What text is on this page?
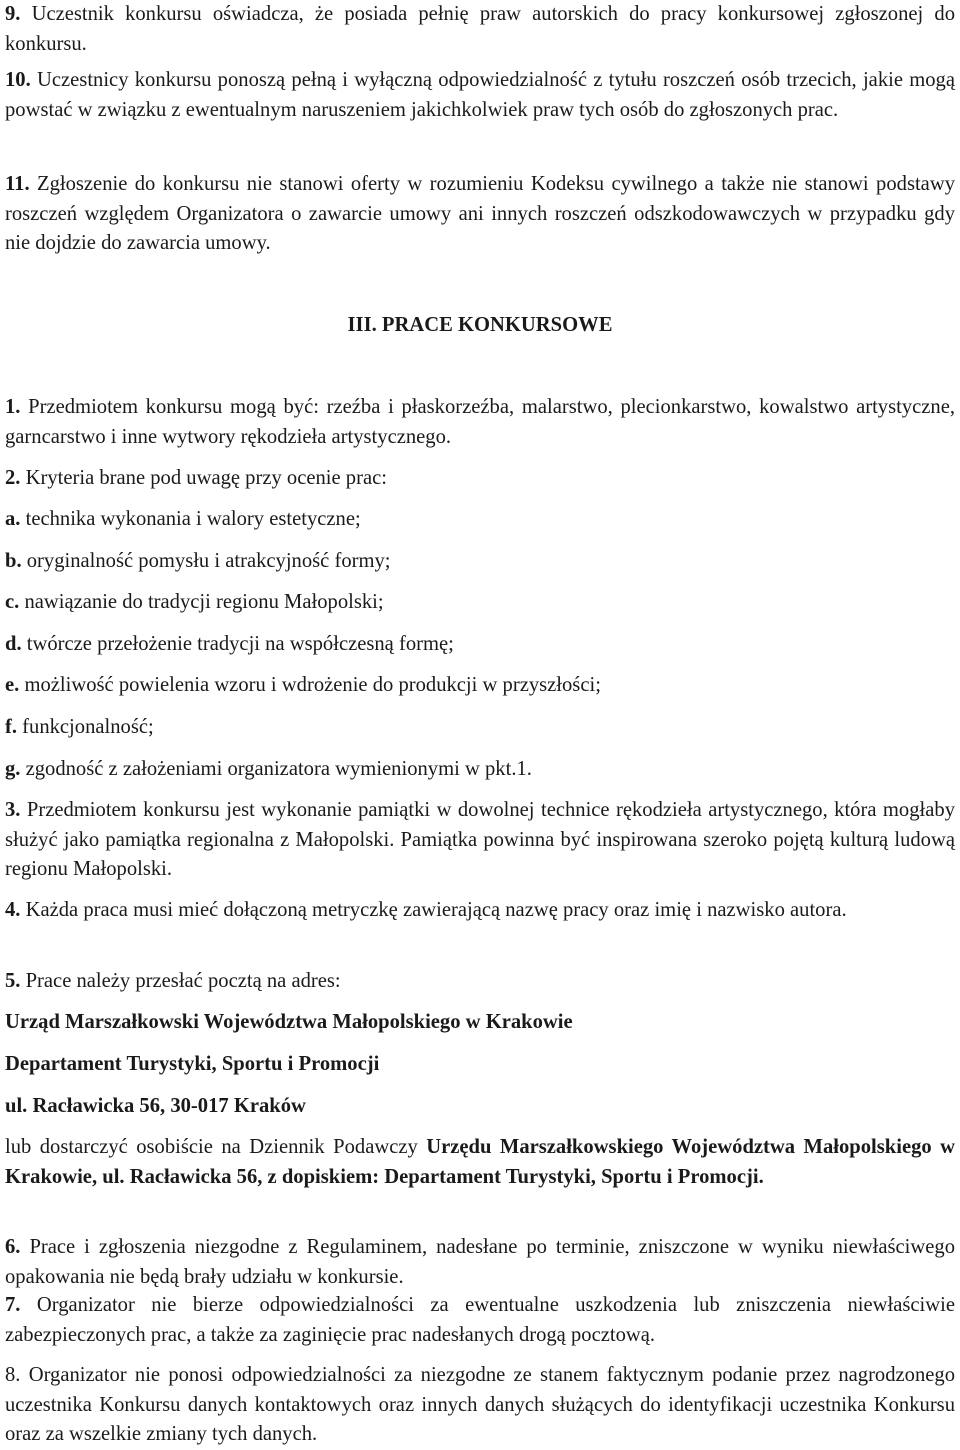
9. Uczestnik konkursu oświadcza, że posiada pełnię praw autorskich do pracy konkursowej zgłoszonej do konkursu.

10. Uczestnicy konkursu ponoszą pełną i wyłączną odpowiedzialność z tytułu roszczeń osób trzecich, jakie mogą powstać w związku z ewentualnym naruszeniem jakichkolwiek praw tych osób do zgłoszonych prac.

11. Zgłoszenie do konkursu nie stanowi oferty w rozumieniu Kodeksu cywilnego a także nie stanowi podstawy roszczeń względem Organizatora o zawarcie umowy ani innych roszczeń odszkodowawczych w przypadku gdy nie dojdzie do zawarcia umowy.

III. PRACE KONKURSOWE

1. Przedmiotem konkursu mogą być: rzeźba i płaskorzeźba, malarstwo, plecionkarstwo, kowalstwo artystyczne, garncarstwo i inne wytwory rękodzieła artystycznego.

2. Kryteria brane pod uwagę przy ocenie prac:

a. technika wykonania i walory estetyczne;

b. oryginalność pomysłu i atrakcyjność formy;

c. nawiązanie do tradycji regionu Małopolski;

d. twórcze przełożenie tradycji na współczesną formę;

e. możliwość powielenia wzoru i wdrożenie do produkcji w przyszłości;

f. funkcjonalność;

g. zgodność z założeniami organizatora wymienionymi w pkt.1.

3. Przedmiotem konkursu jest wykonanie pamiątki w dowolnej technice rękodzieła artystycznego, która mogłaby służyć jako pamiątka regionalna z Małopolski. Pamiątka powinna być inspirowana szeroko pojętą kulturą ludową regionu Małopolski.

4. Każda praca musi mieć dołączoną metryczkę zawierającą nazwę pracy oraz imię i nazwisko autora.

5. Prace należy przesłać pocztą na adres:

Urząd Marszałkowski Województwa Małopolskiego w Krakowie

Departament Turystyki, Sportu i Promocji

ul. Racławicka 56, 30-017 Kraków

lub dostarczyć osobiście na Dziennik Podawczy Urzędu Marszałkowskiego Województwa Małopolskiego w Krakowie, ul. Racławicka 56, z dopiskiem: Departament Turystyki, Sportu i Promocji.

6. Prace i zgłoszenia niezgodne z Regulaminem, nadesłane po terminie, zniszczone w wyniku niewłaściwego opakowania nie będą brały udziału w konkursie.

7. Organizator nie bierze odpowiedzialności za ewentualne uszkodzenia lub zniszczenia niewłaściwie zabezpieczonych prac, a także za zaginięcie prac nadesłanych drogą pocztową.

8. Organizator nie ponosi odpowiedzialności za niezgodne ze stanem faktycznym podanie przez nagrodzonego uczestnika Konkursu danych kontaktowych oraz innych danych służących do identyfikacji uczestnika Konkursu oraz za wszelkie zmiany tych danych.
